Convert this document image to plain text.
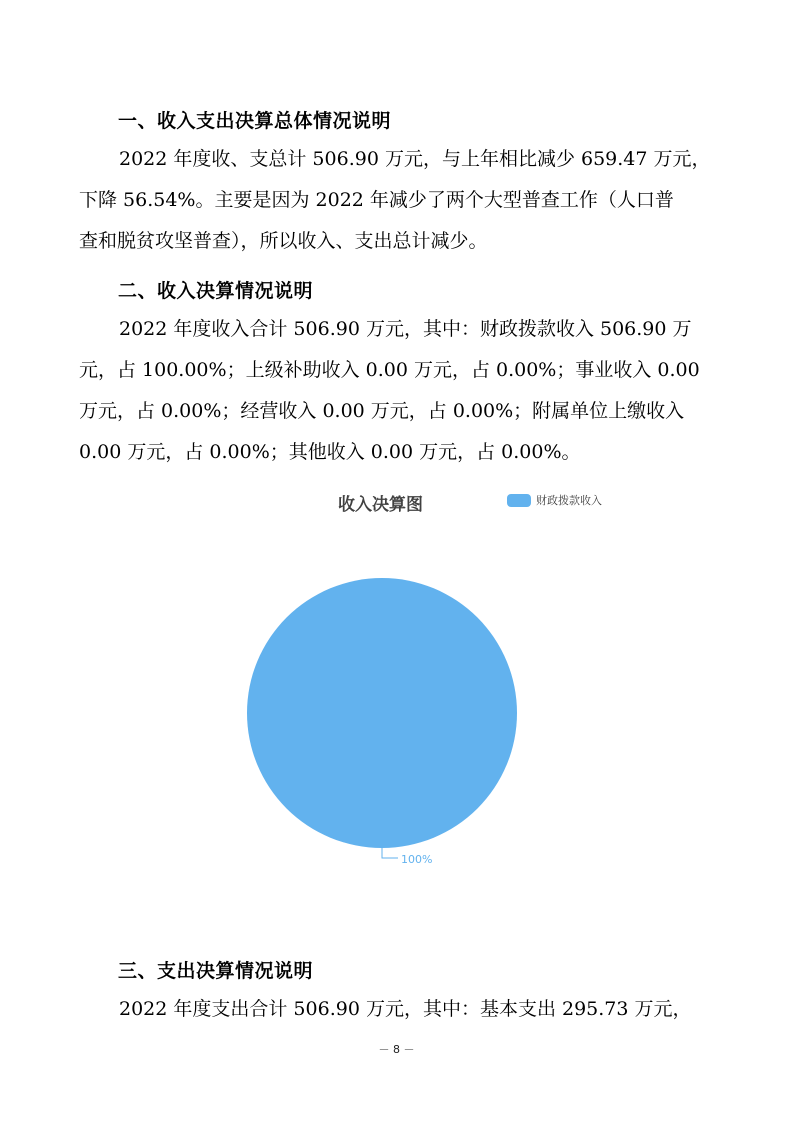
一、收入支出决算总体情况说明
2022 年度收、支总计 506.90 万元，与上年相比减少 659.47 万元，
下降 56.54%。主要是因为 2022 年减少了两个大型普查工作（人口普
查和脱贫攻坚普查），所以收入、支出总计减少。
二、收入决算情况说明
2022 年度收入合计 506.90 万元，其中：财政拨款收入 506.90 万
元，占 100.00%；上级补助收入 0.00 万元，占 0.00%；事业收入 0.00
万元，占 0.00%；经营收入 0.00 万元，占 0.00%；附属单位上缴收入
0.00 万元，占 0.00%；其他收入 0.00 万元，占 0.00%。
收入决算图	财政拨款收入
100%
三、支出决算情况说明
2022 年度支出合计 506.90 万元，其中：基本支出 295.73 万元，
－ 8 －
